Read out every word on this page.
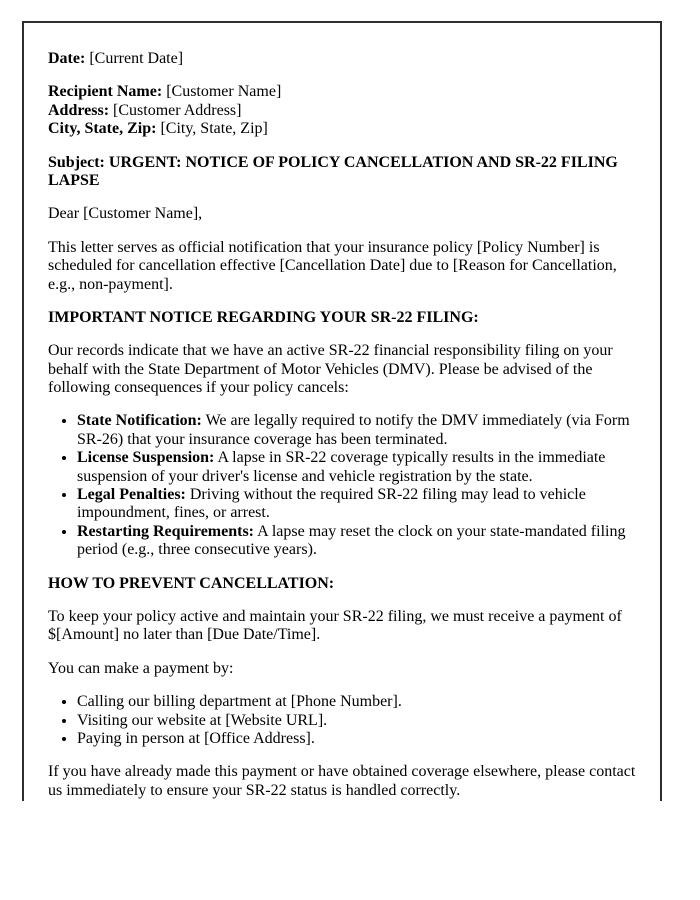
Date: [Current Date]

Recipient Name: [Customer Name]
Address: [Customer Address]
City, State, Zip: [City, State, Zip]

Subject: URGENT: NOTICE OF POLICY CANCELLATION AND SR-22 FILING LAPSE

Dear [Customer Name],

This letter serves as official notification that your insurance policy [Policy Number] is scheduled for cancellation effective [Cancellation Date] due to [Reason for Cancellation, e.g., non-payment].

IMPORTANT NOTICE REGARDING YOUR SR-22 FILING:

Our records indicate that we have an active SR-22 financial responsibility filing on your behalf with the State Department of Motor Vehicles (DMV). Please be advised of the following consequences if your policy cancels:

• State Notification: We are legally required to notify the DMV immediately (via Form SR-26) that your insurance coverage has been terminated.
• License Suspension: A lapse in SR-22 coverage typically results in the immediate suspension of your driver's license and vehicle registration by the state.
• Legal Penalties: Driving without the required SR-22 filing may lead to vehicle impoundment, fines, or arrest.
• Restarting Requirements: A lapse may reset the clock on your state-mandated filing period (e.g., three consecutive years).

HOW TO PREVENT CANCELLATION:

To keep your policy active and maintain your SR-22 filing, we must receive a payment of $[Amount] no later than [Due Date/Time].

You can make a payment by:

• Calling our billing department at [Phone Number].
• Visiting our website at [Website URL].
• Paying in person at [Office Address].

If you have already made this payment or have obtained coverage elsewhere, please contact us immediately to ensure your SR-22 status is handled correctly.
